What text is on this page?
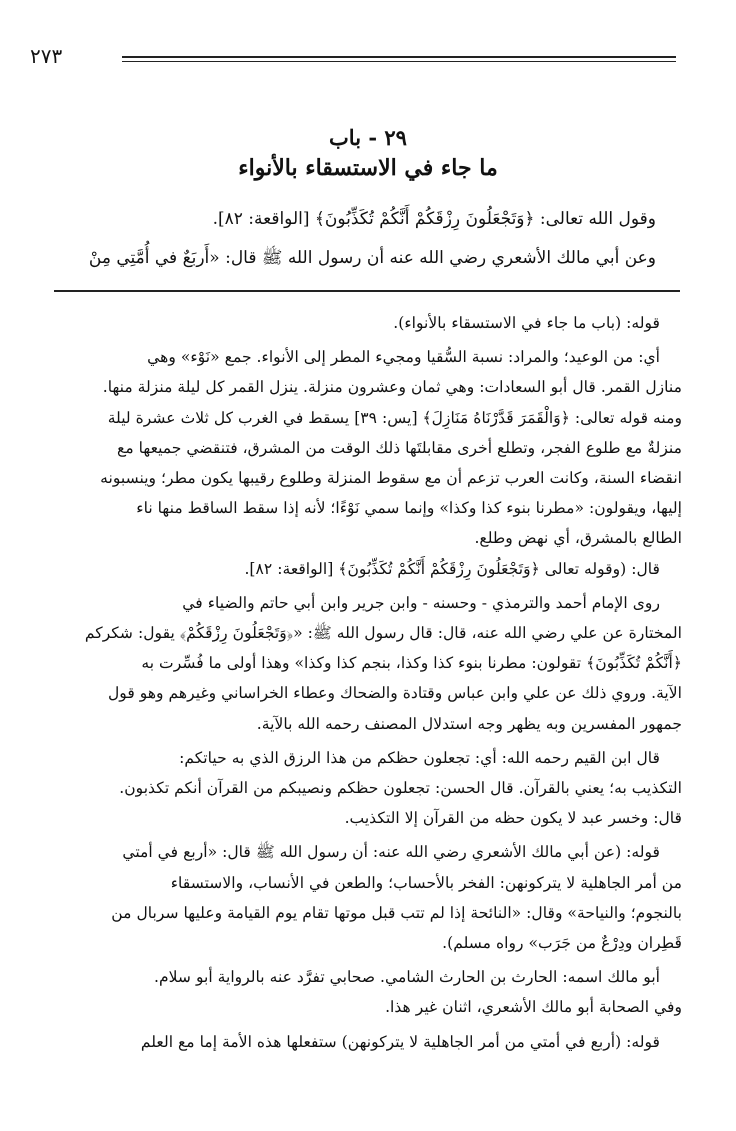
٢٧٣
٢٩ - باب
ما جاء في الاستسقاء بالأنواء

وقول الله تعالى: ﴿وَتَجْعَلُونَ رِزْقَكُمْ أَنَّكُمْ تُكَذِّبُونَ﴾ [الواقعة: ٨٢].

وعن أبي مالك الأشعري رضي الله عنه أن رسول الله ﷺ قال: «أَربَعٌ في أُمَّتِي مِنْ

قوله: (باب ما جاء في الاستسقاء بالأنواء).

أي: من الوعيد؛ والمراد: نسبة السُّقيا ومجيء المطر إلى الأنواء. جمع «نَوْء» وهي

منازل القمر. قال أبو السعادات: وهي ثمان وعشرون منزلة. ينزل القمر كل ليلة منزلة منها.

ومنه قوله تعالى: ﴿وَالْقَمَرَ قَدَّرْنَاهُ مَنَازِلَ﴾ [يس: ٣٩] يسقط في الغرب كل ثلاث عشرة ليلة

منزلةٌ مع طلوع الفجر، وتطلع أخرى مقابلتَها ذلك الوقت من المشرق، فتنقضي جميعها مع

انقضاء السنة، وكانت العرب تزعم أن مع سقوط المنزلة وطلوع رقيبها يكون مطر؛ وينسبونه

إليها، ويقولون: «مطرنا بنوء كذا وكذا» وإنما سمي نَوْءًا؛ لأنه إذا سقط الساقط منها ناء

الطالع بالمشرق، أي نهض وطلع.

قال: (وقوله تعالى ﴿وَتَجْعَلُونَ رِزْقَكُمْ أَنَّكُمْ تُكَذِّبُونَ﴾ [الواقعة: ٨٢].

روى الإمام أحمد والترمذي - وحسنه - وابن جرير وابن أبي حاتم والضياء في

المختارة عن علي رضي الله عنه، قال: قال رسول الله ﷺ: «﴿وَتَجْعَلُونَ رِزْقَكُمْ﴾ يقول: شكركم

﴿أَنَّكُمْ تُكَذِّبُونَ﴾ تقولون: مطرنا بنوء كذا وكذا، بنجم كذا وكذا» وهذا أولى ما فُسِّرت به

الآية. وروي ذلك عن علي وابن عباس وقتادة والضحاك وعطاء الخراساني وغيرهم وهو قول

جمهور المفسرين وبه يظهر وجه استدلال المصنف رحمه الله بالآية.

قال ابن القيم رحمه الله: أي: تجعلون حظكم من هذا الرزق الذي به حياتكم:

التكذيب به؛ يعني بالقرآن. قال الحسن: تجعلون حظكم ونصيبكم من القرآن أنكم تكذبون.

قال: وخسر عبد لا يكون حظه من القرآن إلا التكذيب.

قوله: (عن أبي مالك الأشعري رضي الله عنه: أن رسول الله ﷺ قال: «أربع في أمتي

من أمر الجاهلية لا يتركونهن: الفخر بالأحساب؛ والطعن في الأنساب، والاستسقاء

بالنجوم؛ والنياحة» وقال: «النائحة إذا لم تتب قبل موتها تقام يوم القيامة وعليها سربال من

قَطِران ودِرْعٌ من جَرَب» رواه مسلم).

أبو مالك اسمه: الحارث بن الحارث الشامي. صحابي تفرَّد عنه بالرواية أبو سلام.

وفي الصحابة أبو مالك الأشعري، اثنان غير هذا.

قوله: (أربع في أمتي من أمر الجاهلية لا يتركونهن) ستفعلها هذه الأمة إما مع العلم
